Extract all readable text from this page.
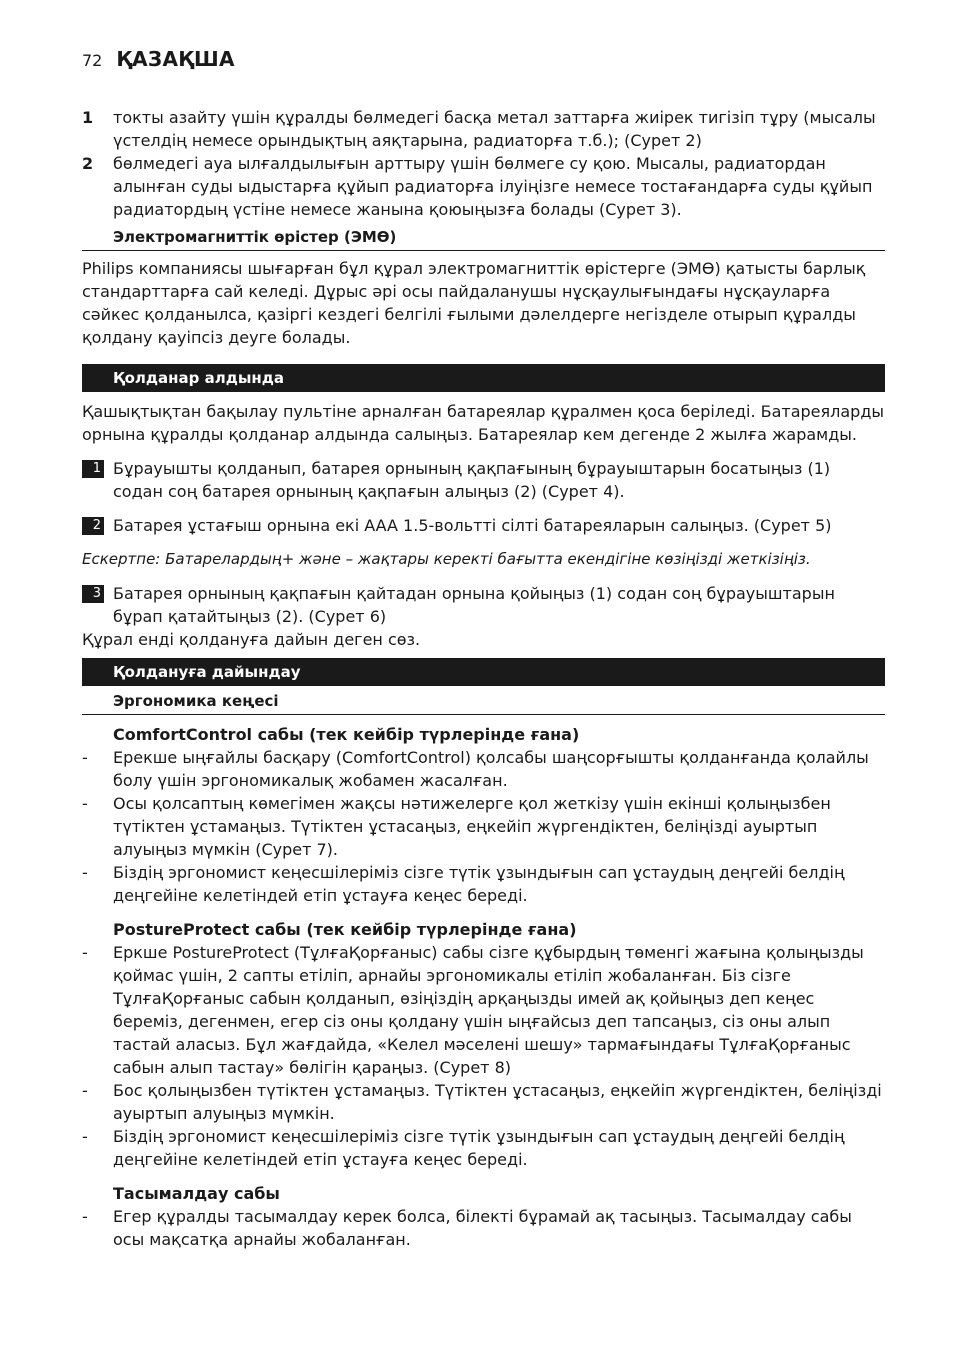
72 ҚАЗАҚША
1 токты азайту үшін құралды бөлмедегі басқа метал заттарға жиірек тигізіп тұру (мысалы үстелдің немесе орындықтың аяқтарына, радиаторға т.б.); (Сурет 2)

2 бөлмедегі ауа ылғалдылығын арттыру үшін бөлмеге су қою. Мысалы, радиатордан алынған суды ыдыстарға құйып радиаторға ілуіңізге немесе тостағандарға суды құйып радиатордың үстіне немесе жанына қоюыңызға болады (Сурет 3).

Электромагниттік өрістер (ЭМӨ)

Philips компаниясы шығарған бұл құрал электромагниттік өрістерге (ЭМӨ) қатысты барлық стандарттарға сай келеді. Дұрыс әрі осы пайдаланушы нұсқаулығындағы нұсқауларға сәйкес қолданылса, қазіргі кездегі белгілі ғылыми дәлелдерге негізделе отырып құралды қолдану қауіпсіз деуге болады.

Қолданар алдында

Қашықтықтан бақылау пультіне арналған батареялар құралмен қоса беріледі. Батареяларды орнына құралды қолданар алдында салыңыз. Батареялар кем дегенде 2 жылға жарамды.

1 Бұрауышты қолданып, батарея орнының қақпағының бұрауыштарын босатыңыз (1) содан соң батарея орнының қақпағын алыңыз (2) (Сурет 4).

2 Батарея ұстағыш орнына екі AAA 1.5-вольтті сілті батареяларын салыңыз. (Сурет 5)

Ескертпе: Батарелардың+ және – жақтары керекті бағытта екендігіне көзіңізді жеткізіңіз.

3 Батарея орнының қақпағын қайтадан орнына қойыңыз (1) содан соң бұрауыштарын бұрап қатайтыңыз (2). (Сурет 6)

Құрал енді қолдануға дайын деген сөз.

Қолдануға дайындау
Эргономика кеңесі
ComfortControl сабы (тек кейбір түрлерінде ғана)
- Ерекше ыңғайлы басқару (ComfortControl) қолсабы шаңсорғышты қолданғанда қолайлы болу үшін эргономикалық жобамен жасалған.

- Осы қолсаптың көмегімен жақсы нәтижелерге қол жеткізу үшін екінші қолыңызбен түтіктен ұстамаңыз. Түтіктен ұстасаңыз, еңкейіп жүргендіктен, беліңізді ауыртып алуыңыз мүмкін (Сурет 7).

- Біздің эргономист кеңесшілеріміз сізге түтік ұзындығын сап ұстаудың деңгейі белдің деңгейіне келетіндей етіп ұстауға кеңес береді.

PostureProtect сабы (тек кейбір түрлерінде ғана)
- Еркше PostureProtect (ТұлғаҚорғаныс) сабы сізге құбырдың төменгі жағына қолыңызды қоймас үшін, 2 сапты етіліп, арнайы эргономикалы етіліп жобаланған. Біз сізге ТұлғаҚорғаныс сабын қолданып, өзіңіздің арқаңызды имей ақ қойыңыз деп кеңес береміз, дегенмен, егер сіз оны қолдану үшін ыңғайсыз деп тапсаңыз, сіз оны алып тастай аласыз. Бұл жағдайда, «Келел мәселені шешу» тармағындағы ТұлғаҚорғаныс сабын алып тастау» бөлігін қараңыз. (Сурет 8)

- Бос қолыңызбен түтіктен ұстамаңыз. Түтіктен ұстасаңыз, еңкейіп жүргендіктен, беліңізді ауыртып алуыңыз мүмкін.

- Біздің эргономист кеңесшілеріміз сізге түтік ұзындығын сап ұстаудың деңгейі белдің деңгейіне келетіндей етіп ұстауға кеңес береді.

Тасымалдау сабы
- Егер құралды тасымалдау керек болса, білекті бұрамай ақ тасыңыз. Тасымалдау сабы осы мақсатқа арнайы жобаланған.
